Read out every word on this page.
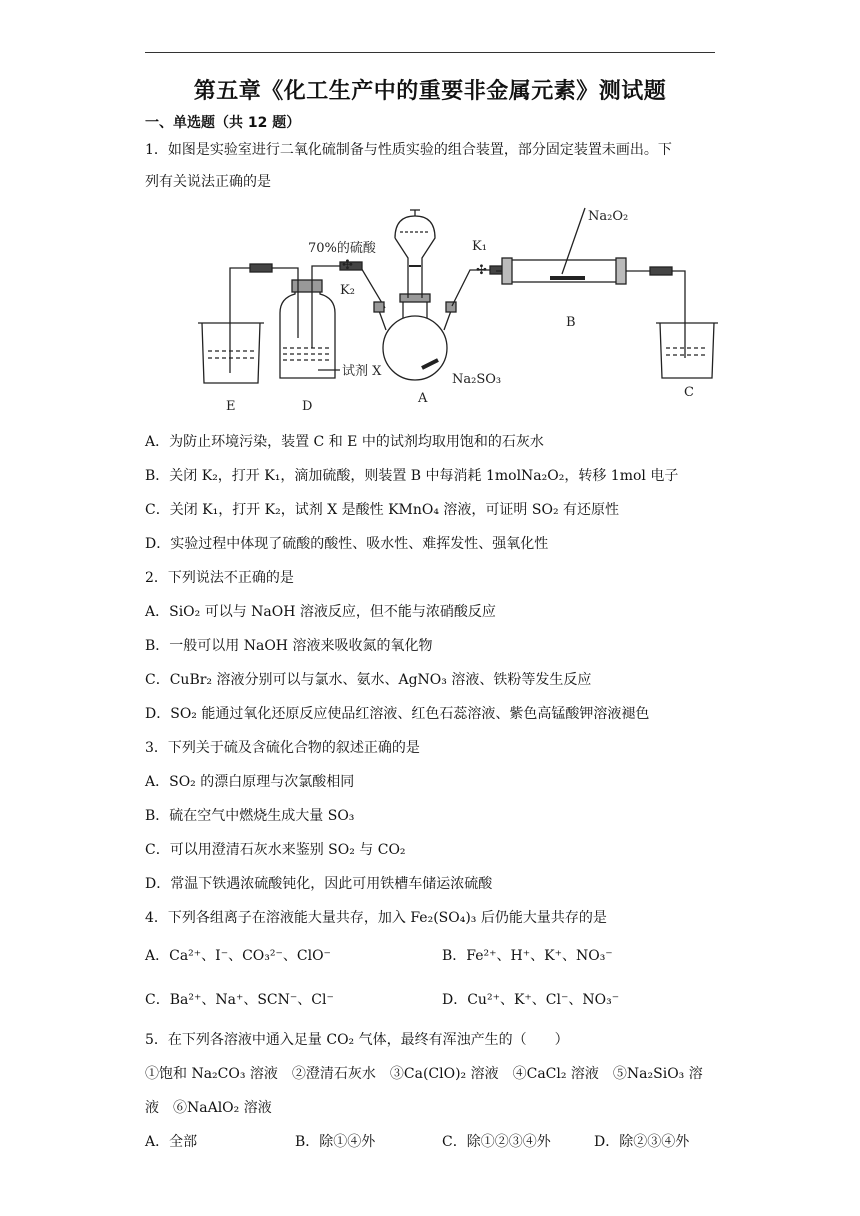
第五章《化工生产中的重要非金属元素》测试题
一、单选题（共 12 题）
1．如图是实验室进行二氧化硫制备与性质实验的组合装置，部分固定装置未画出。下
列有关说法正确的是
✣	✣
Na₂O₂
70%的硫酸	K₁
K₂
B
试剂 X
Na₂SO₃
E	D
A	C
A．为防止环境污染，装置 C 和 E 中的试剂均取用饱和的石灰水
B．关闭 K₂，打开 K₁，滴加硫酸，则装置 B 中每消耗 1molNa₂O₂，转移 1mol 电子
C．关闭 K₁，打开 K₂，试剂 X 是酸性 KMnO₄ 溶液，可证明 SO₂ 有还原性
D．实验过程中体现了硫酸的酸性、吸水性、难挥发性、强氧化性
2．下列说法不正确的是
A．SiO₂ 可以与 NaOH 溶液反应，但不能与浓硝酸反应
B．一般可以用 NaOH 溶液来吸收氮的氧化物
C．CuBr₂ 溶液分别可以与氯水、氨水、AgNO₃ 溶液、铁粉等发生反应
D．SO₂ 能通过氧化还原反应使品红溶液、红色石蕊溶液、紫色高锰酸钾溶液褪色
3．下列关于硫及含硫化合物的叙述正确的是
A．SO₂ 的漂白原理与次氯酸相同
B．硫在空气中燃烧生成大量 SO₃
C．可以用澄清石灰水来鉴别 SO₂ 与 CO₂
D．常温下铁遇浓硫酸钝化，因此可用铁槽车储运浓硫酸
4．下列各组离子在溶液能大量共存，加入 Fe₂(SO₄)₃ 后仍能大量共存的是
A．Ca²⁺、I⁻、CO₃²⁻、ClO⁻	B．Fe²⁺、H⁺、K⁺、NO₃⁻
C．Ba²⁺、Na⁺、SCN⁻、Cl⁻	D．Cu²⁺、K⁺、Cl⁻、NO₃⁻
5．在下列各溶液中通入足量 CO₂ 气体，最终有浑浊产生的（　　）
①饱和 Na₂CO₃ 溶液　②澄清石灰水　③Ca(ClO)₂ 溶液　④CaCl₂ 溶液　⑤Na₂SiO₃ 溶
液　⑥NaAlO₂ 溶液
A．全部	B．除①④外	C．除①②③④外	D．除②③④外
